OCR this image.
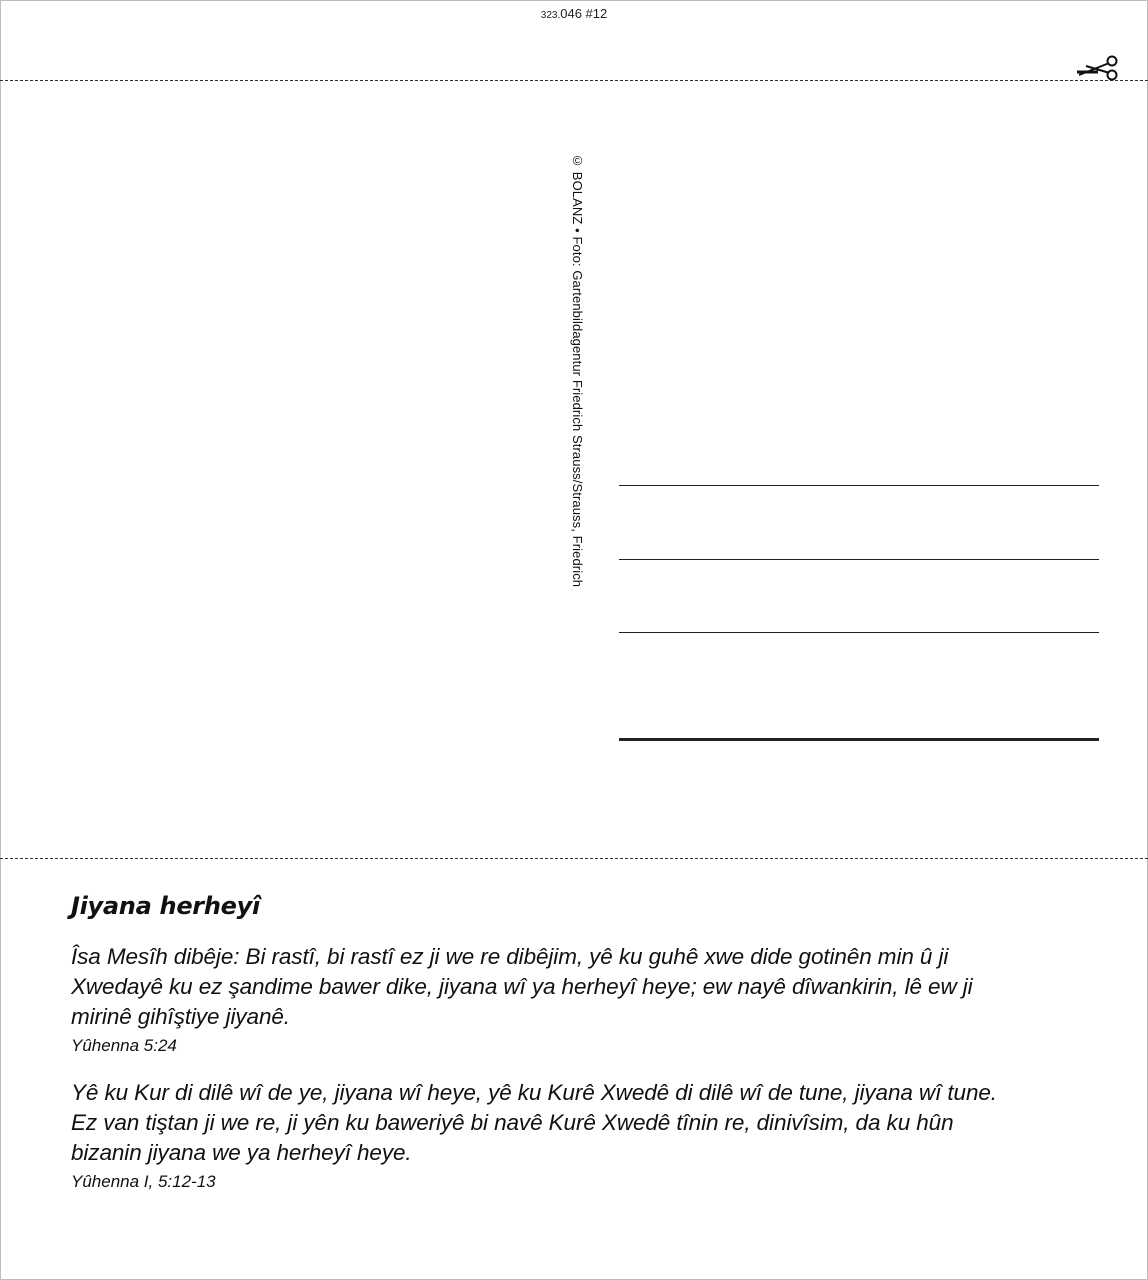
323.046 #12
© BOLANZ • Foto: Gartenbildagentur Friedrich Strauss/Strauss, Friedrich
Jiyana herheyî

Îsa Mesîh dibêje: Bi rastî, bi rastî ez ji we re dibêjim, yê ku guhê xwe dide gotinên min û ji

Xwedayê ku ez şandime bawer dike, jiyana wî ya herheyî heye; ew nayê dîwankirin, lê ew ji

mirinê gihîştiye jiyanê.

Yûhenna 5:24

Yê ku Kur di dilê wî de ye, jiyana wî heye, yê ku Kurê Xwedê di dilê wî de tune, jiyana wî tune.

Ez van tiştan ji we re, ji yên ku baweriyê bi navê Kurê Xwedê tînin re, dinivîsim, da ku hûn

bizanin jiyana we ya herheyî heye.

Yûhenna I, 5:12-13
